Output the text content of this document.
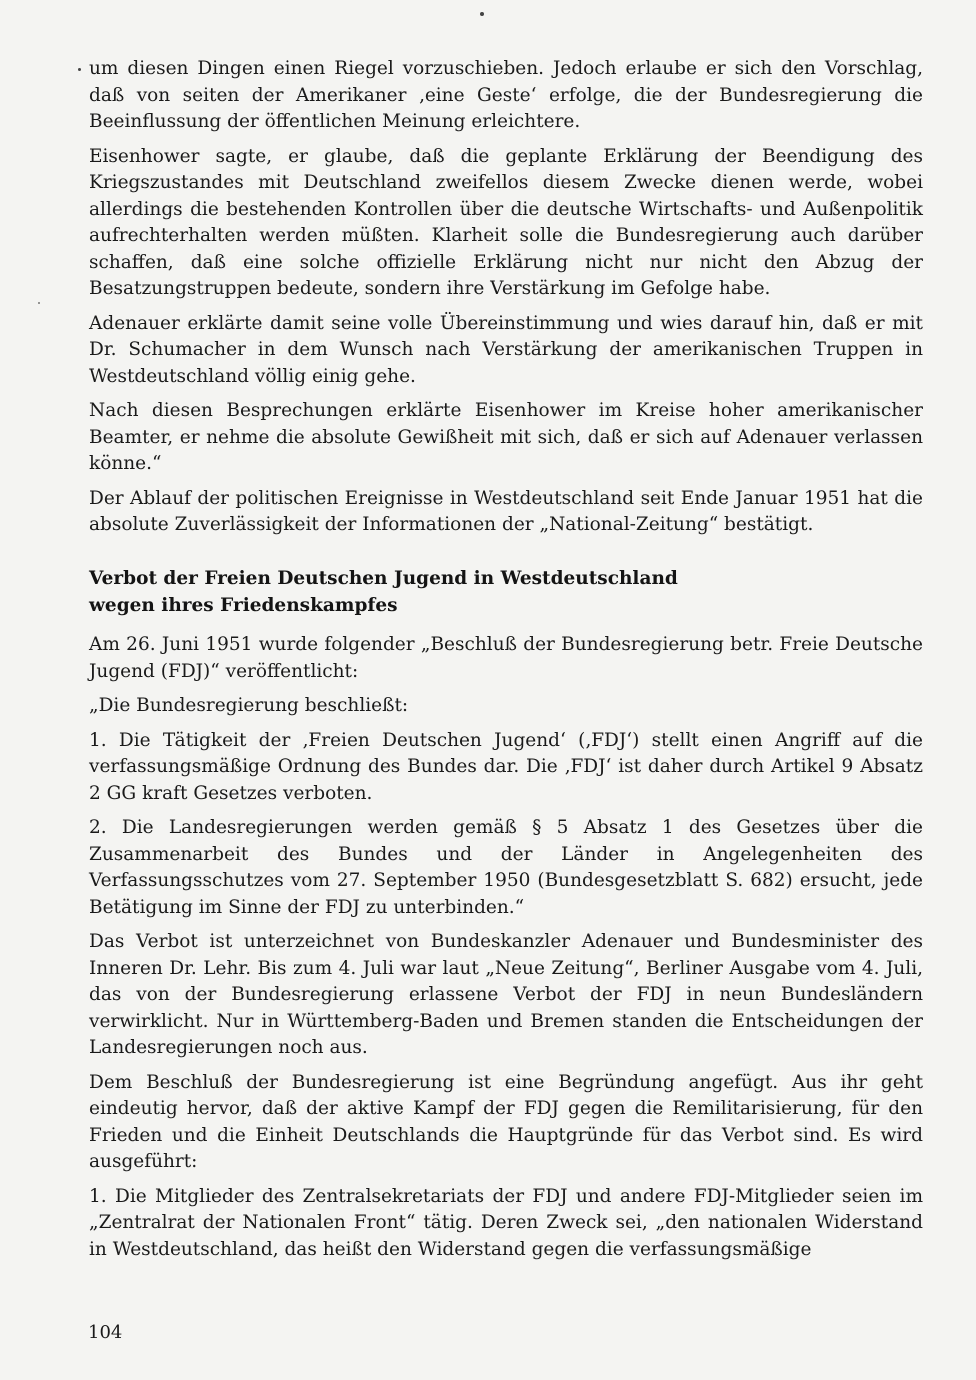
um diesen Dingen einen Riegel vorzuschieben. Jedoch erlaube er sich den Vorschlag, daß von seiten der Amerikaner ‚eine Geste‘ erfolge, die der Bundesregierung die Beeinflussung der öffentlichen Meinung erleichtere.

Eisenhower sagte, er glaube, daß die geplante Erklärung der Beendigung des Kriegszustandes mit Deutschland zweifellos diesem Zwecke dienen werde, wobei allerdings die bestehenden Kontrollen über die deutsche Wirtschafts- und Außenpolitik aufrechterhalten werden müßten. Klarheit solle die Bundesregierung auch darüber schaffen, daß eine solche offizielle Erklärung nicht nur nicht den Abzug der Besatzungstruppen bedeute, sondern ihre Verstärkung im Gefolge habe.

Adenauer erklärte damit seine volle Übereinstimmung und wies darauf hin, daß er mit Dr. Schumacher in dem Wunsch nach Verstärkung der amerikanischen Truppen in Westdeutschland völlig einig gehe.

Nach diesen Besprechungen erklärte Eisenhower im Kreise hoher amerikanischer Beamter, er nehme die absolute Gewißheit mit sich, daß er sich auf Adenauer verlassen könne.“

Der Ablauf der politischen Ereignisse in Westdeutschland seit Ende Januar 1951 hat die absolute Zuverlässigkeit der Informationen der „National-Zeitung“ bestätigt.

Verbot der Freien Deutschen Jugend in Westdeutschland
wegen ihres Friedenskampfes

Am 26. Juni 1951 wurde folgender „Beschluß der Bundesregierung betr. Freie Deutsche Jugend (FDJ)“ veröffentlicht:

„Die Bundesregierung beschließt:

1. Die Tätigkeit der ‚Freien Deutschen Jugend‘ (‚FDJ‘) stellt einen Angriff auf die verfassungsmäßige Ordnung des Bundes dar. Die ‚FDJ‘ ist daher durch Artikel 9 Absatz 2 GG kraft Gesetzes verboten.

2. Die Landesregierungen werden gemäß § 5 Absatz 1 des Gesetzes über die Zusammenarbeit des Bundes und der Länder in Angelegenheiten des Verfassungsschutzes vom 27. September 1950 (Bundesgesetzblatt S. 682) ersucht, jede Betätigung im Sinne der FDJ zu unterbinden.“

Das Verbot ist unterzeichnet von Bundeskanzler Adenauer und Bundesminister des Inneren Dr. Lehr. Bis zum 4. Juli war laut „Neue Zeitung“, Berliner Ausgabe vom 4. Juli, das von der Bundesregierung erlassene Verbot der FDJ in neun Bundesländern verwirklicht. Nur in Württemberg-Baden und Bremen standen die Entscheidungen der Landesregierungen noch aus.

Dem Beschluß der Bundesregierung ist eine Begründung angefügt. Aus ihr geht eindeutig hervor, daß der aktive Kampf der FDJ gegen die Remilitarisierung, für den Frieden und die Einheit Deutschlands die Hauptgründe für das Verbot sind. Es wird ausgeführt:

1. Die Mitglieder des Zentralsekretariats der FDJ und andere FDJ-Mitglieder seien im „Zentralrat der Nationalen Front“ tätig. Deren Zweck sei, „den nationalen Widerstand in Westdeutschland, das heißt den Widerstand gegen die verfassungsmäßige

104
